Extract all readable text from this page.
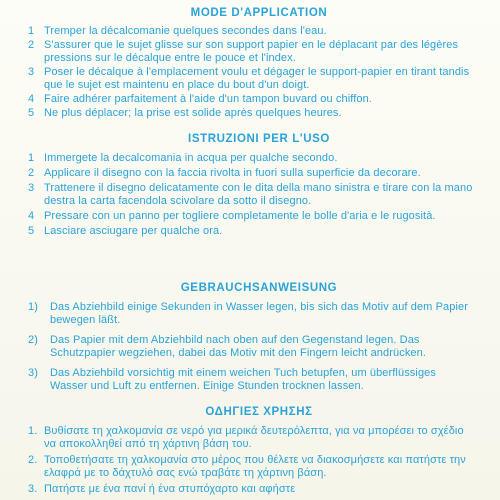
MODE D'APPLICATION
1 Tremper la décalcomanie quelques secondes dans l'eau.
2 S'assurer que le sujet glisse sur son support papier en le déplacant par des légères pressions sur le décalque entre le pouce et l'index.
3 Poser le décalque à l'emplacement voulu et dégager le support-papier en tirant tandis que le sujet est maintenu en place du bout d'un doigt.
4 Faire adhérer parfaitement à l'aide d'un tampon buvard ou chiffon.
5 Ne plus déplacer; la prise est solide après quelques heures.
ISTRUZIONI PER L'USO
1 Immergete la decalcomania in acqua per qualche secondo.
2 Applicare il disegno con la faccia rivolta in fuori sulla superficie da decorare.
3 Trattenere il disegno delicatamente con le dita della mano sinistra e tirare con la mano destra la carta facendola scivolare da sotto il disegno.
4 Pressare con un panno per togliere completamente le bolle d'aria e le rugosità.
5 Lasciare asciugare per qualche ora.
GEBRAUCHSANWEISUNG
1) Das Abziehbild einige Sekunden in Wasser legen, bis sich das Motiv auf dem Papier bewegen läßt.
2) Das Papier mit dem Abziehbild nach oben auf den Gegenstand legen. Das Schutzpapier wegziehen, dabei das Motiv mit den Fingern leicht andrücken.
3) Das Abziehbild vorsichtig mit einem weichen Tuch betupfen, um überflüssiges Wasser und Luft zu entfernen. Einige Stunden trocknen lassen.
ΟΔΗΓΙΕΣ ΧΡΗΣΗΣ
1. Βυθίσατε τη χαλκομανία σε νερό για μερικά δευτερόλεπτα, για να μπορέσει το σχέδιο να αποκολληθεί από τη χάρτινη βάση του.
2. Τοποθετήσατε τη χαλκομανία στο μέρος που θέλετε να διακοσμήσετε και πατήστε την ελαφρά με το δάχτυλό σας ενώ τραβάτε τη χάρτινη βάση.
3. Πατήστε με ένα πανί ή ένα στυπόχαρτο και αφήστε
